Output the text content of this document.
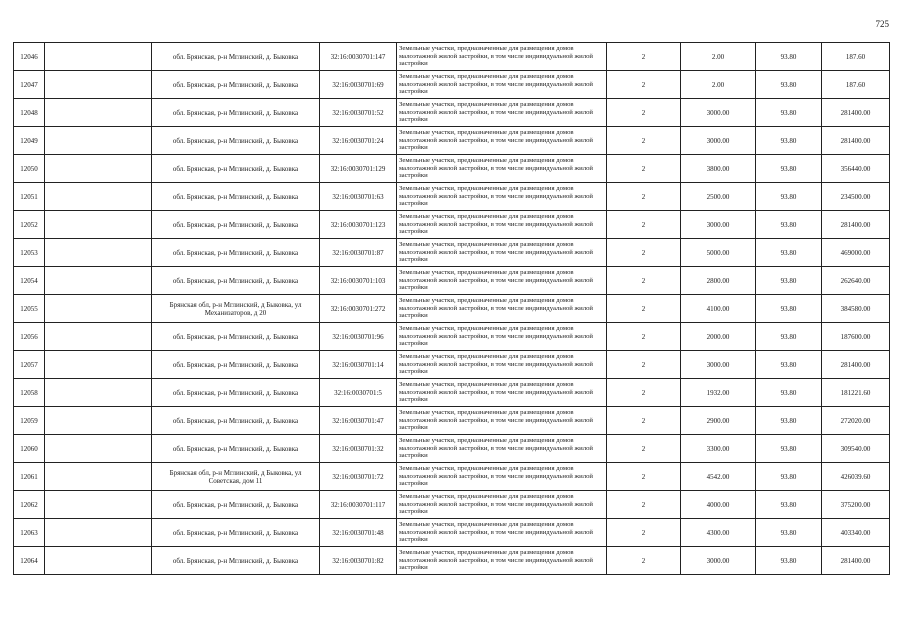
725
12046		обл. Брянская, р-н Мглинский, д. Быковка	32:16:0030701:147	Земельные участки, предназначенные для размещения домов малоэтажной жилой застройки, в том числе индивидуальной жилой застройки	2	2.00	93.80	187.60
12047		обл. Брянская, р-н Мглинский, д. Быковка	32:16:0030701:69	Земельные участки, предназначенные для размещения домов малоэтажной жилой застройки, в том числе индивидуальной жилой застройки	2	2.00	93.80	187.60
12048		обл. Брянская, р-н Мглинский, д. Быковка	32:16:0030701:52	Земельные участки, предназначенные для размещения домов малоэтажной жилой застройки, в том числе индивидуальной жилой застройки	2	3000.00	93.80	281400.00
12049		обл. Брянская, р-н Мглинский, д. Быковка	32:16:0030701:24	Земельные участки, предназначенные для размещения домов малоэтажной жилой застройки, в том числе индивидуальной жилой застройки	2	3000.00	93.80	281400.00
12050		обл. Брянская, р-н Мглинский, д. Быковка	32:16:0030701:129	Земельные участки, предназначенные для размещения домов малоэтажной жилой застройки, в том числе индивидуальной жилой застройки	2	3800.00	93.80	356440.00
12051		обл. Брянская, р-н Мглинский, д. Быковка	32:16:0030701:63	Земельные участки, предназначенные для размещения домов малоэтажной жилой застройки, в том числе индивидуальной жилой застройки	2	2500.00	93.80	234500.00
12052		обл. Брянская, р-н Мглинский, д. Быковка	32:16:0030701:123	Земельные участки, предназначенные для размещения домов малоэтажной жилой застройки, в том числе индивидуальной жилой застройки	2	3000.00	93.80	281400.00
12053		обл. Брянская, р-н Мглинский, д. Быковка	32:16:0030701:87	Земельные участки, предназначенные для размещения домов малоэтажной жилой застройки, в том числе индивидуальной жилой застройки	2	5000.00	93.80	469000.00
12054		обл. Брянская, р-н Мглинский, д. Быковка	32:16:0030701:103	Земельные участки, предназначенные для размещения домов малоэтажной жилой застройки, в том числе индивидуальной жилой застройки	2	2800.00	93.80	262640.00
12055		Брянская обл, р-н Мглинский, д Быковка, ул Механизаторов, д 20	32:16:0030701:272	Земельные участки, предназначенные для размещения домов малоэтажной жилой застройки, в том числе индивидуальной жилой застройки	2	4100.00	93.80	384580.00
12056		обл. Брянская, р-н Мглинский, д. Быковка	32:16:0030701:96	Земельные участки, предназначенные для размещения домов малоэтажной жилой застройки, в том числе индивидуальной жилой застройки	2	2000.00	93.80	187600.00
12057		обл. Брянская, р-н Мглинский, д. Быковка	32:16:0030701:14	Земельные участки, предназначенные для размещения домов малоэтажной жилой застройки, в том числе индивидуальной жилой застройки	2	3000.00	93.80	281400.00
12058		обл. Брянская, р-н Мглинский, д. Быковка	32:16:0030701:5	Земельные участки, предназначенные для размещения домов малоэтажной жилой застройки, в том числе индивидуальной жилой застройки	2	1932.00	93.80	181221.60
12059		обл. Брянская, р-н Мглинский, д. Быковка	32:16:0030701:47	Земельные участки, предназначенные для размещения домов малоэтажной жилой застройки, в том числе индивидуальной жилой застройки	2	2900.00	93.80	272020.00
12060		обл. Брянская, р-н Мглинский, д. Быковка	32:16:0030701:32	Земельные участки, предназначенные для размещения домов малоэтажной жилой застройки, в том числе индивидуальной жилой застройки	2	3300.00	93.80	309540.00
12061		Брянская обл, р-н Мглинский, д Быковка, ул Советская, дом 11	32:16:0030701:72	Земельные участки, предназначенные для размещения домов малоэтажной жилой застройки, в том числе индивидуальной жилой застройки	2	4542.00	93.80	426039.60
12062		обл. Брянская, р-н Мглинский, д. Быковка	32:16:0030701:117	Земельные участки, предназначенные для размещения домов малоэтажной жилой застройки, в том числе индивидуальной жилой застройки	2	4000.00	93.80	375200.00
12063		обл. Брянская, р-н Мглинский, д. Быковка	32:16:0030701:48	Земельные участки, предназначенные для размещения домов малоэтажной жилой застройки, в том числе индивидуальной жилой застройки	2	4300.00	93.80	403340.00
12064		обл. Брянская, р-н Мглинский, д. Быковка	32:16:0030701:82	Земельные участки, предназначенные для размещения домов малоэтажной жилой застройки, в том числе индивидуальной жилой застройки	2	3000.00	93.80	281400.00
